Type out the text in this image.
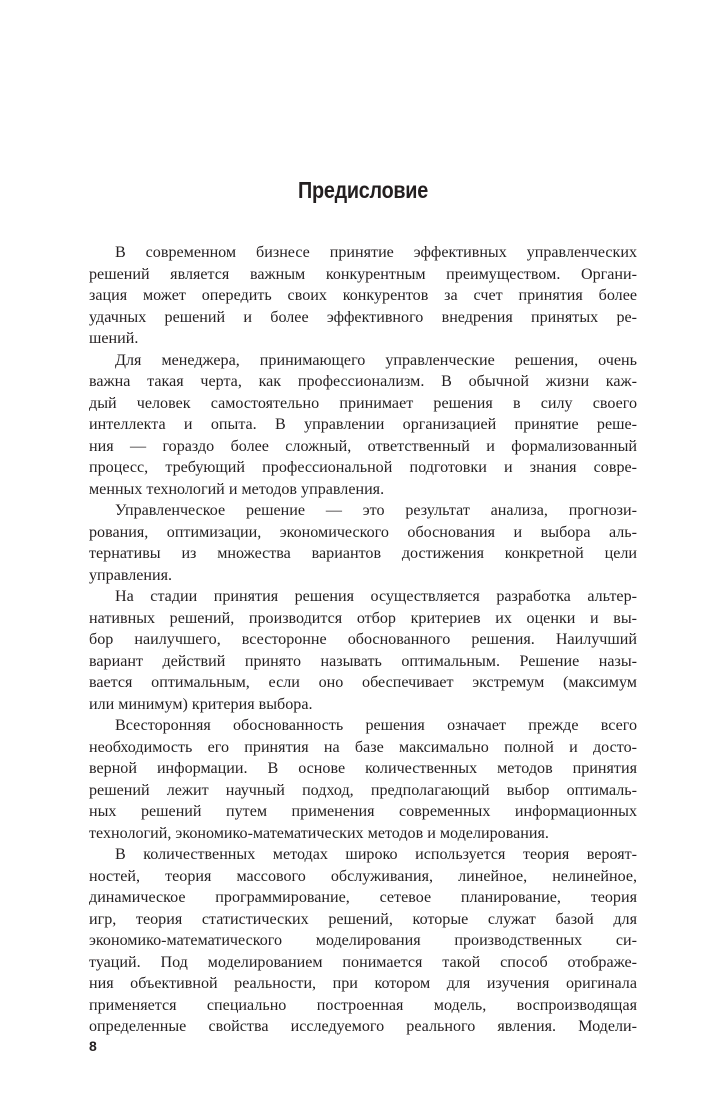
Предисловие
В современном бизнесе принятие эффективных управленческих
решений является важным конкурентным преимуществом. Органи-
зация может опередить своих конкурентов за счет принятия более
удачных решений и более эффективного внедрения принятых ре-
шений.
Для менеджера, принимающего управленческие решения, очень
важна такая черта, как профессионализм. В обычной жизни каж-
дый человек самостоятельно принимает решения в силу своего
интеллекта и опыта. В управлении организацией принятие реше-
ния — гораздо более сложный, ответственный и формализованный
процесс, требующий профессиональной подготовки и знания совре-
менных технологий и методов управления.
Управленческое решение — это результат анализа, прогнози-
рования, оптимизации, экономического обоснования и выбора аль-
тернативы из множества вариантов достижения конкретной цели
управления.
На стадии принятия решения осуществляется разработка альтер-
нативных решений, производится отбор критериев их оценки и вы-
бор наилучшего, всесторонне обоснованного решения. Наилучший
вариант действий принято называть оптимальным. Решение назы-
вается оптимальным, если оно обеспечивает экстремум (максимум
или минимум) критерия выбора.
Всесторонняя обоснованность решения означает прежде всего
необходимость его принятия на базе максимально полной и досто-
верной информации. В основе количественных методов принятия
решений лежит научный подход, предполагающий выбор оптималь-
ных решений путем применения современных информационных
технологий, экономико-математических методов и моделирования.
В количественных методах широко используется теория вероят-
ностей, теория массового обслуживания, линейное, нелинейное,
динамическое программирование, сетевое планирование, теория
игр, теория статистических решений, которые служат базой для
экономико-математического моделирования производственных си-
туаций. Под моделированием понимается такой способ отображе-
ния объективной реальности, при котором для изучения оригинала
применяется специально построенная модель, воспроизводящая
определенные свойства исследуемого реального явления. Модели-
8
